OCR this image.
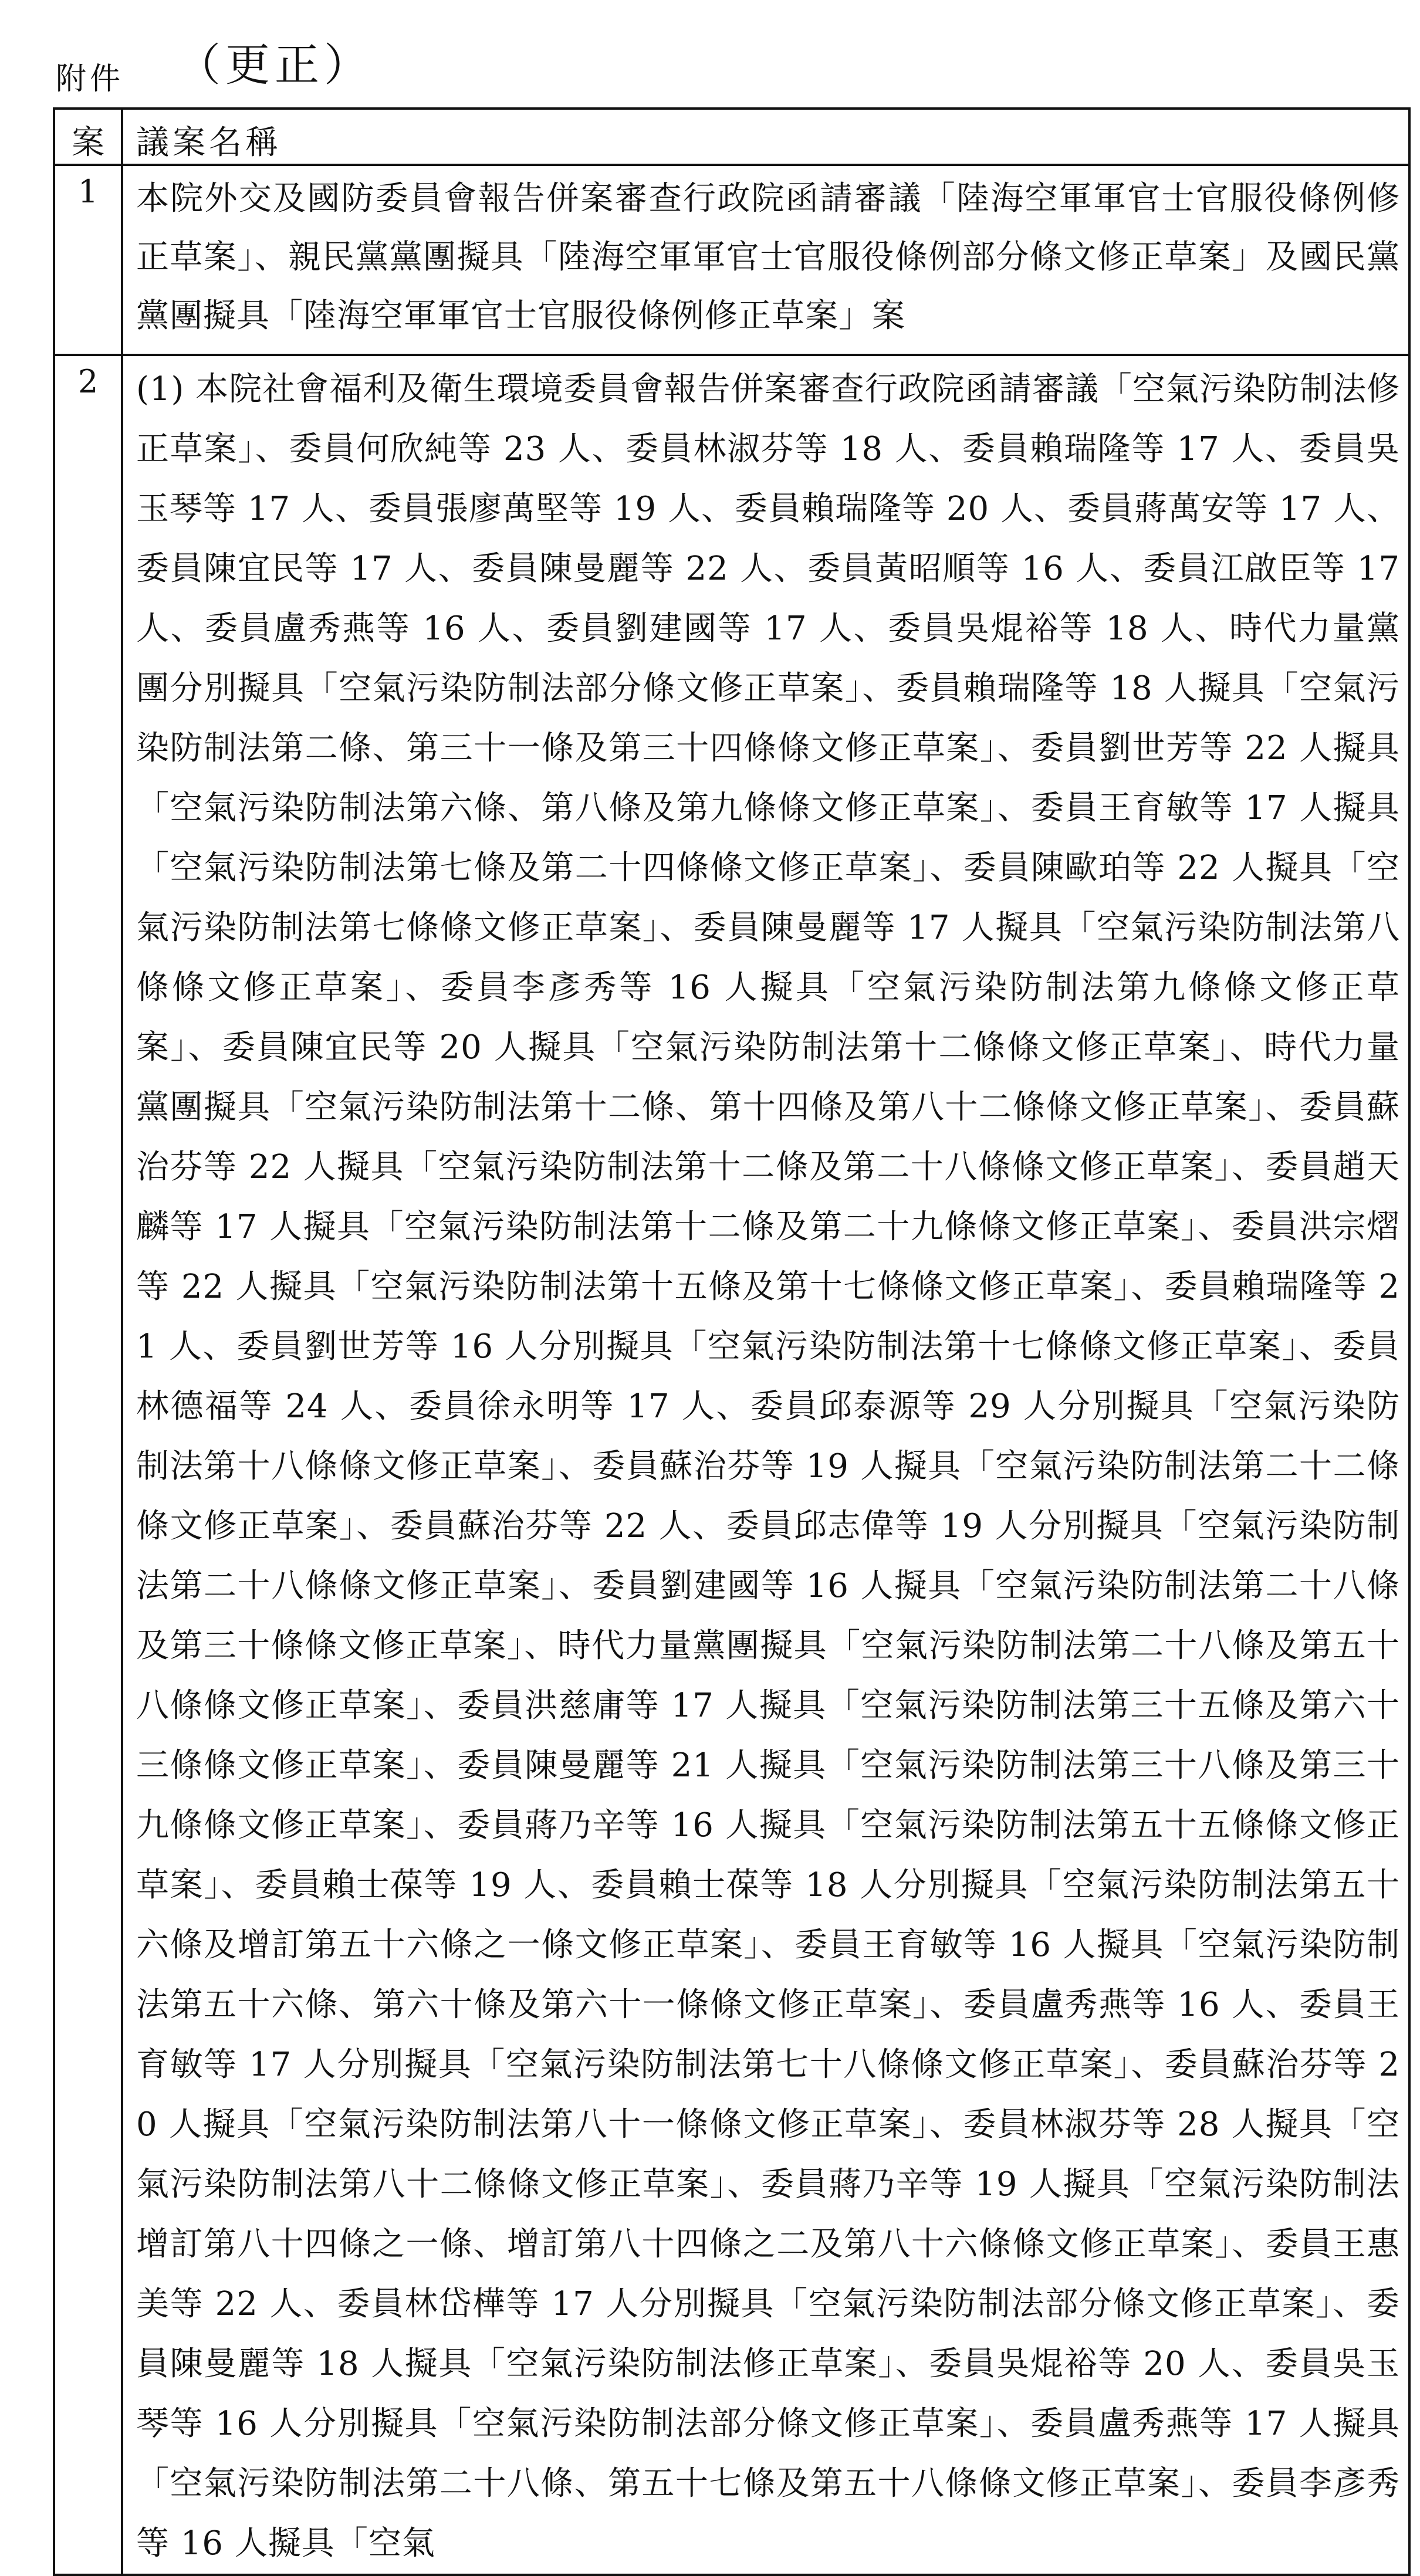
附件 （更正）
案	議案名稱

1	本院外交及國防委員會報告併案審查行政院函請審議「陸海空軍軍官士官服役條例修正草案」、親民黨黨團擬具「陸海空軍軍官士官服役條例部分條文修正草案」及國民黨黨團擬具「陸海空軍軍官士官服役條例修正草案」案

2	(1) 本院社會福利及衛生環境委員會報告併案審查行政院函請審議「空氣污染防制法修正草案」、委員何欣純等 23 人、委員林淑芬等 18 人、委員賴瑞隆等 17 人、委員吳玉琴等 17 人、委員張廖萬堅等 19 人、委員賴瑞隆等 20 人、委員蔣萬安等 17 人、委員陳宜民等 17 人、委員陳曼麗等 22 人、委員黃昭順等 16 人、委員江啟臣等 17 人、委員盧秀燕等 16 人、委員劉建國等 17 人、委員吳焜裕等 18 人、時代力量黨團分別擬具「空氣污染防制法部分條文修正草案」、委員賴瑞隆等 18 人擬具「空氣污染防制法第二條、第三十一條及第三十四條條文修正草案」、委員劉世芳等 22 人擬具「空氣污染防制法第六條、第八條及第九條條文修正草案」、委員王育敏等 17 人擬具「空氣污染防制法第七條及第二十四條條文修正草案」、委員陳歐珀等 22 人擬具「空氣污染防制法第七條條文修正草案」、委員陳曼麗等 17 人擬具「空氣污染防制法第八條條文修正草案」、委員李彥秀等 16 人擬具「空氣污染防制法第九條條文修正草案」、委員陳宜民等 20 人擬具「空氣污染防制法第十二條條文修正草案」、時代力量黨團擬具「空氣污染防制法第十二條、第十四條及第八十二條條文修正草案」、委員蘇治芬等 22 人擬具「空氣污染防制法第十二條及第二十八條條文修正草案」、委員趙天麟等 17 人擬具「空氣污染防制法第十二條及第二十九條條文修正草案」、委員洪宗熠等 22 人擬具「空氣污染防制法第十五條及第十七條條文修正草案」、委員賴瑞隆等 21 人、委員劉世芳等 16 人分別擬具「空氣污染防制法第十七條條文修正草案」、委員林德福等 24 人、委員徐永明等 17 人、委員邱泰源等 29 人分別擬具「空氣污染防制法第十八條條文修正草案」、委員蘇治芬等 19 人擬具「空氣污染防制法第二十二條條文修正草案」、委員蘇治芬等 22 人、委員邱志偉等 19 人分別擬具「空氣污染防制法第二十八條條文修正草案」、委員劉建國等 16 人擬具「空氣污染防制法第二十八條及第三十條條文修正草案」、時代力量黨團擬具「空氣污染防制法第二十八條及第五十八條條文修正草案」、委員洪慈庸等 17 人擬具「空氣污染防制法第三十五條及第六十三條條文修正草案」、委員陳曼麗等 21 人擬具「空氣污染防制法第三十八條及第三十九條條文修正草案」、委員蔣乃辛等 16 人擬具「空氣污染防制法第五十五條條文修正草案」、委員賴士葆等 19 人、委員賴士葆等 18 人分別擬具「空氣污染防制法第五十六條及增訂第五十六條之一條文修正草案」、委員王育敏等 16 人擬具「空氣污染防制法第五十六條、第六十條及第六十一條條文修正草案」、委員盧秀燕等 16 人、委員王育敏等 17 人分別擬具「空氣污染防制法第七十八條條文修正草案」、委員蘇治芬等 20 人擬具「空氣污染防制法第八十一條條文修正草案」、委員林淑芬等 28 人擬具「空氣污染防制法第八十二條條文修正草案」、委員蔣乃辛等 19 人擬具「空氣污染防制法增訂第八十四條之一條、增訂第八十四條之二及第八十六條條文修正草案」、委員王惠美等 22 人、委員林岱樺等 17 人分別擬具「空氣污染防制法部分條文修正草案」、委員陳曼麗等 18 人擬具「空氣污染防制法修正草案」、委員吳焜裕等 20 人、委員吳玉琴等 16 人分別擬具「空氣污染防制法部分條文修正草案」、委員盧秀燕等 17 人擬具「空氣污染防制法第二十八條、第五十七條及第五十八條條文修正草案」、委員李彥秀等 16 人擬具「空氣
